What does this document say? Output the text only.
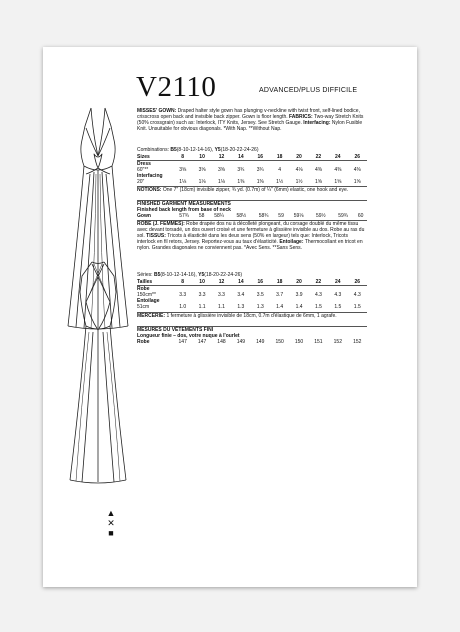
▲
✕
■
V2110	ADVANCED/PLUS DIFFICILE
MISSES' GOWN: Draped halter style gown has plunging v-neckline with twist front, self-lined bodice, crisscross open back and invisible back zipper. Gown is floor length. FABRICS: Two-way Stretch Knits (50% crossgrain) such as: Interlock, ITY Knits, Jersey. See Stretch Gauge. Interfacing: Nylon Fusible Knit. Unsuitable for obvious diagonals. *With Nap. **Without Nap.
Combinations: B5(8-10-12-14-16), Y5(18-20-22-24-26)
Sizes	8	10	12	14	16	18	20	22	24	26
Dress										
60"**	3⅝	3⅝	3⅝	3¾	3¾	4	4⅛	4⅜	4⅜	4⅜
Interfacing										
20"	1⅛	1⅛	1⅛	1⅜	1⅜	1½	1½	1⅝	1⅝	1⅝
NOTIONS: One 7" (18cm) invisible zipper, ¾ yd. (0.7m) of ¼" (6mm) elastic, one hook and eye.
FINISHED GARMENT MEASUREMENTS
Finished back length from base of neck
Gown	57¾	58	58¼	58½	58¾	59	59⅛	59½	59¾	60
ROBE (J. FEMMES): Robe drapée dos nu à décolleté plongeant, du corsage doublé du même tissu avec devant torsadé, un dos ouvert croisé et une fermeture à glissière invisible au dos. Robe au ras du sol. TISSUS: Tricots à élasticité dans les deux sens (50% en largeur) tels que: Interlock, Tricots interlock en fil retors, Jersey. Reportez-vous au taux d'élasticité. Entoilage: Thermocollant en tricot en nylon. Grandes diagonales ne conviennent pas. *Avec Sens. **Sans Sens.
Séries: B5(8-10-12-14-16), Y5(18-20-22-24-26)
Tailles	8	10	12	14	16	18	20	22	24	26
Robe										
150cm**	3.3	3.3	3.3	3.4	3.5	3.7	3.9	4.3	4.3	4.3
Entoilage										
51cm	1.0	1.1	1.1	1.3	1.3	1.4	1.4	1.5	1.5	1.5
MERCERIE: 1 fermeture à glissière invisible de 18cm, 0.7m d'élastique de 6mm, 1 agrafe.
MESURES DU VÊTEMENTS FINI
Longueur finie – dos, votre nuque à l'ourlet
Robe	147	147	148	149	149	150	150	151	152	152
